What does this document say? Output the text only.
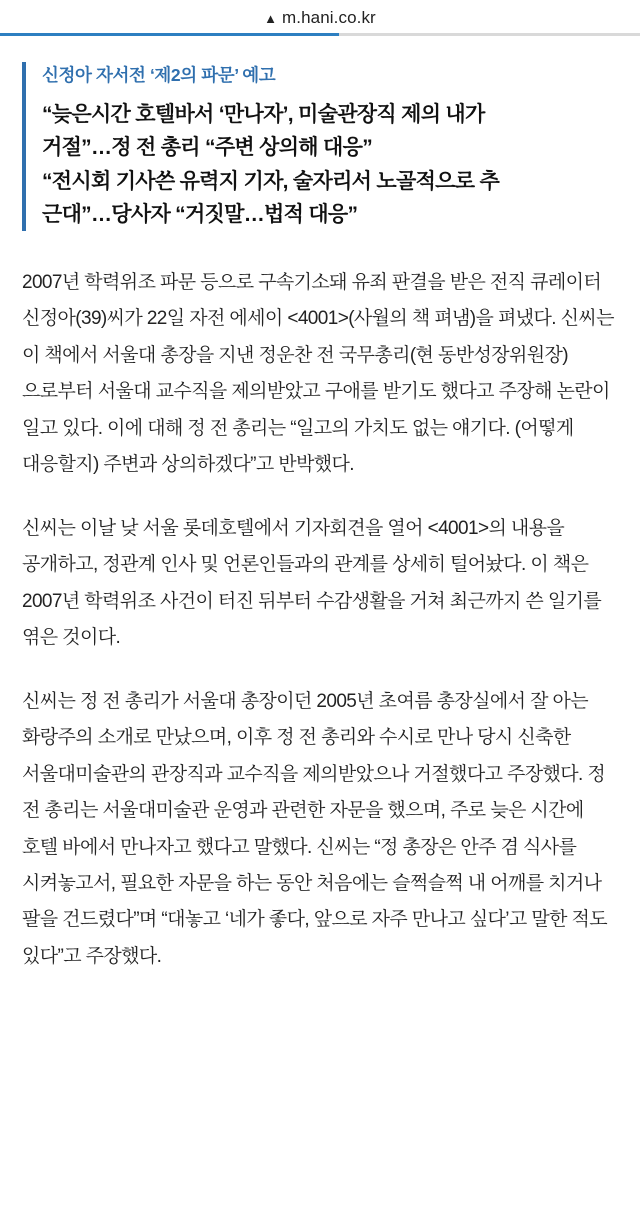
▲ m.hani.co.kr
신정아 자서전 ‘제2의 파문’ 예고
“늦은시간 호텔바서 ‘만나자’, 미술관장직 제의 내가
거절”…정 전 총리 “주변 상의해 대응”
“전시회 기사쓴 유력지 기자, 술자리서 노골적으로 추
근대”…당사자 “거짓말…법적 대응”

2007년 학력위조 파문 등으로 구속기소돼 유죄 판결을 받은 전직 큐레이터 신정아(39)씨가 22일 자전 에세이 <4001>(사월의 책 펴냄)을 펴냈다. 신씨는 이 책에서 서울대 총장을 지낸 정운찬 전 국무총리(현 동반성장위원장)으로부터 서울대 교수직을 제의받았고 구애를 받기도 했다고 주장해 논란이 일고 있다. 이에 대해 정 전 총리는 “일고의 가치도 없는 얘기다. (어떻게 대응할지) 주변과 상의하겠다”고 반박했다.

신씨는 이날 낮 서울 롯데호텔에서 기자회견을 열어 <4001>의 내용을 공개하고, 정관계 인사 및 언론인들과의 관계를 상세히 털어놨다. 이 책은 2007년 학력위조 사건이 터진 뒤부터 수감생활을 거쳐 최근까지 쓴 일기를 엮은 것이다.

신씨는 정 전 총리가 서울대 총장이던 2005년 초여름 총장실에서 잘 아는 화랑주의 소개로 만났으며, 이후 정 전 총리와 수시로 만나 당시 신축한 서울대미술관의 관장직과 교수직을 제의받았으나 거절했다고 주장했다. 정 전 총리는 서울대미술관 운영과 관련한 자문을 했으며, 주로 늦은 시간에 호텔 바에서 만나자고 했다고 말했다. 신씨는 “정 총장은 안주 겸 식사를 시켜놓고서, 필요한 자문을 하는 동안 처음에는 슬쩍슬쩍 내 어깨를 치거나 팔을 건드렸다”며 “대놓고 ‘네가 좋다, 앞으로 자주 만나고 싶다’고 말한 적도 있다”고 주장했다.
